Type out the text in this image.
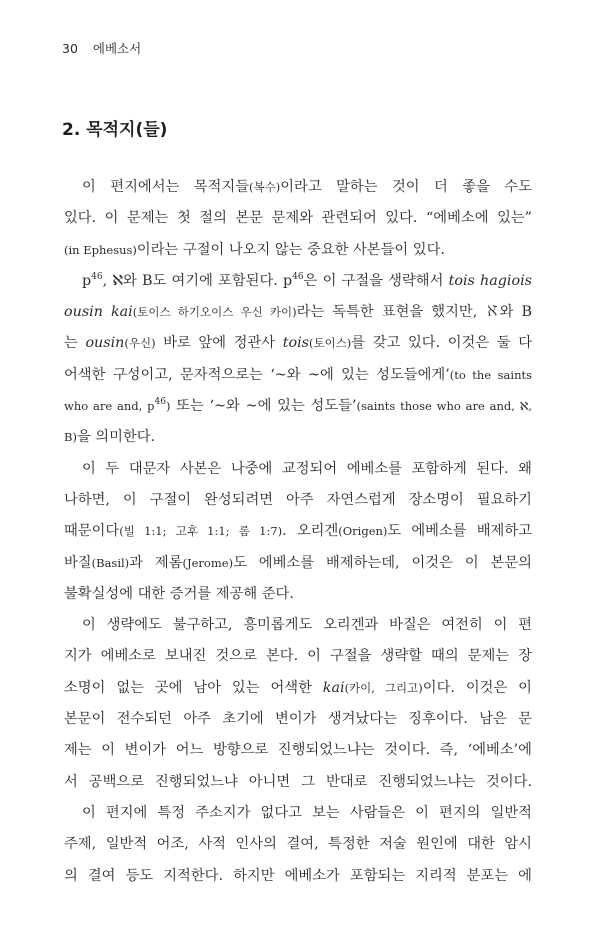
30 에베소서
2. 목적지(들)
이 편지에서는 목적지들(복수)이라고 말하는 것이 더 좋을 수도
있다. 이 문제는 첫 절의 본문 문제와 관련되어 있다. “에베소에 있는”
(in Ephesus)이라는 구절이 나오지 않는 중요한 사본들이 있다.
$p^{46}$, ℵ와 B도 여기에 포함된다. $p^{46}$은 이 구절을 생략해서 tois hagiois
ousin kai(토이스 하기오이스 우신 카이)라는 독특한 표현을 했지만, ℵ와 B
는 ousin(우신) 바로 앞에 정관사 tois(토이스)를 갖고 있다. 이것은 둘 다
어색한 구성이고, 문자적으로는 ‘~와 ~에 있는 성도들에게’(to the saints
who are and, $p^{46}$) 또는 ‘~와 ~에 있는 성도들’(saints those who are and, ℵ,
B)을 의미한다.
이 두 대문자 사본은 나중에 교정되어 에베소를 포함하게 된다. 왜
나하면, 이 구절이 완성되려면 아주 자연스럽게 장소명이 필요하기
때문이다(빌 1:1; 고후 1:1; 롬 1:7). 오리겐(Origen)도 에베소를 배제하고
바질(Basil)과 제롬(Jerome)도 에베소를 배제하는데, 이것은 이 본문의
불확실성에 대한 증거를 제공해 준다.
이 생략에도 불구하고, 흥미롭게도 오리겐과 바질은 여전히 이 편
지가 에베소로 보내진 것으로 본다. 이 구절을 생략할 때의 문제는 장
소명이 없는 곳에 남아 있는 어색한 kai(카이, 그리고)이다. 이것은 이
본문이 전수되던 아주 초기에 변이가 생겨났다는 징후이다. 남은 문
제는 이 변이가 어느 방향으로 진행되었느냐는 것이다. 즉, ‘에베소’에
서 공백으로 진행되었느냐 아니면 그 반대로 진행되었느냐는 것이다.
이 편지에 특정 주소지가 없다고 보는 사람들은 이 편지의 일반적
주제, 일반적 어조, 사적 인사의 결여, 특정한 저술 원인에 대한 암시
의 결여 등도 지적한다. 하지만 에베소가 포함되는 지리적 분포는 에
